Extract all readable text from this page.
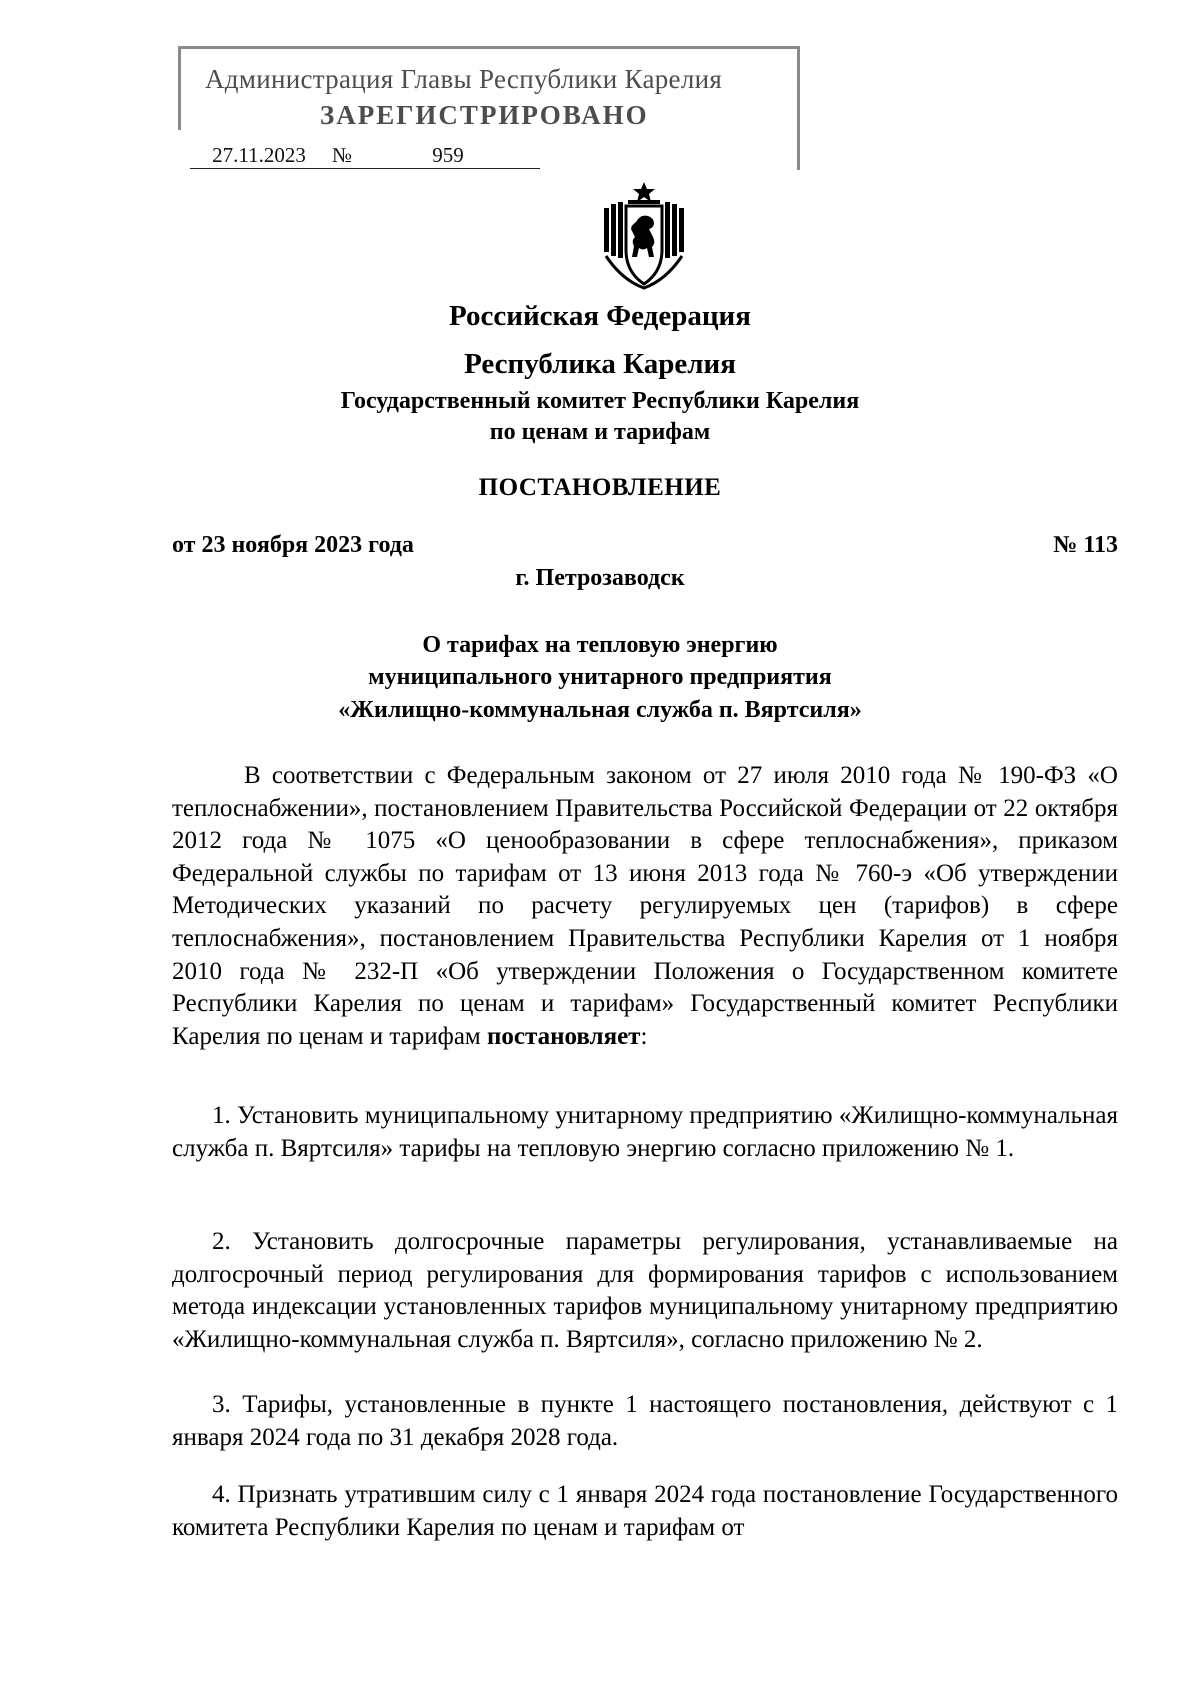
Администрация Главы Республики Карелия
ЗАРЕГИСТРИРОВАНО
27.11.2023 №	959
Российская Федерация
Республика Карелия
Государственный комитет Республики Карелия
по ценам и тарифам
ПОСТАНОВЛЕНИЕ
от 23 ноября 2023 года	№ 113
г. Петрозаводск
О тарифах на тепловую энергию
муниципального унитарного предприятия
«Жилищно-коммунальная служба п. Вяртсиля»
В соответствии с Федеральным законом от 27 июля 2010 года № 190-ФЗ «О теплоснабжении», постановлением Правительства Российской Федерации от 22 октября 2012 года № 1075 «О ценообразовании в сфере теплоснабжения», приказом Федеральной службы по тарифам от 13 июня 2013 года № 760-э «Об утверждении Методических указаний по расчету регулируемых цен (тарифов) в сфере теплоснабжения», постановлением Правительства Республики Карелия от 1 ноября 2010 года № 232-П «Об утверждении Положения о Государственном комитете Республики Карелия по ценам и тарифам» Государственный комитет Республики Карелия по ценам и тарифам постановляет:
1. Установить муниципальному унитарному предприятию «Жилищно-коммунальная служба п. Вяртсиля» тарифы на тепловую энергию согласно приложению № 1.
2. Установить долгосрочные параметры регулирования, устанавливаемые на долгосрочный период регулирования для формирования тарифов с использованием метода индексации установленных тарифов муниципальному унитарному предприятию «Жилищно-коммунальная служба п. Вяртсиля», согласно приложению № 2.
3. Тарифы, установленные в пункте 1 настоящего постановления, действуют с 1 января 2024 года по 31 декабря 2028 года.
4. Признать утратившим силу с 1 января 2024 года постановление Государственного комитета Республики Карелия по ценам и тарифам от
